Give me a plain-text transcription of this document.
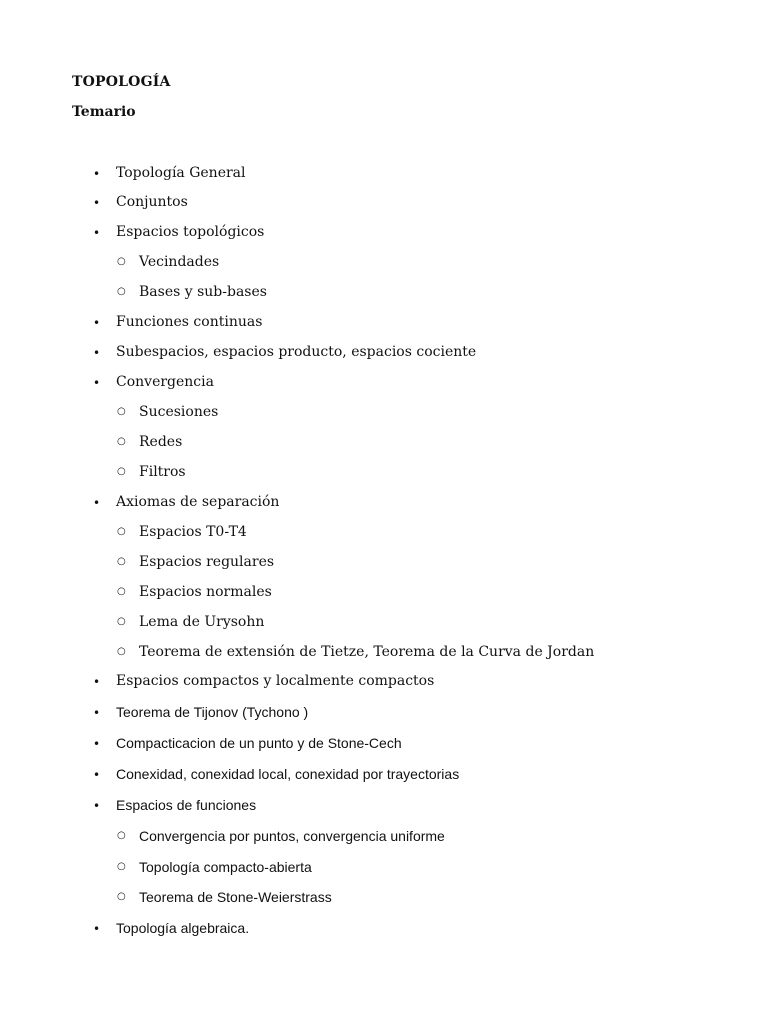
TOPOLOGÍA
Temario
• Topología General
• Conjuntos
• Espacios topológicos
○ Vecindades
○ Bases y sub-bases
• Funciones continuas
• Subespacios, espacios producto, espacios cociente
• Convergencia
○ Sucesiones
○ Redes
○ Filtros
• Axiomas de separación
○ Espacios T0-T4
○ Espacios regulares
○ Espacios normales
○ Lema de Urysohn
○ Teorema de extensión de Tietze, Teorema de la Curva de Jordan
• Espacios compactos y localmente compactos
• Teorema de Tijonov (Tychono )
• Compacticacion de un punto y de Stone-Cech
• Conexidad, conexidad local, conexidad por trayectorias
• Espacios de funciones
○ Convergencia por puntos, convergencia uniforme
○ Topología compacto-abierta
○ Teorema de Stone-Weierstrass
• Topología algebraica.
